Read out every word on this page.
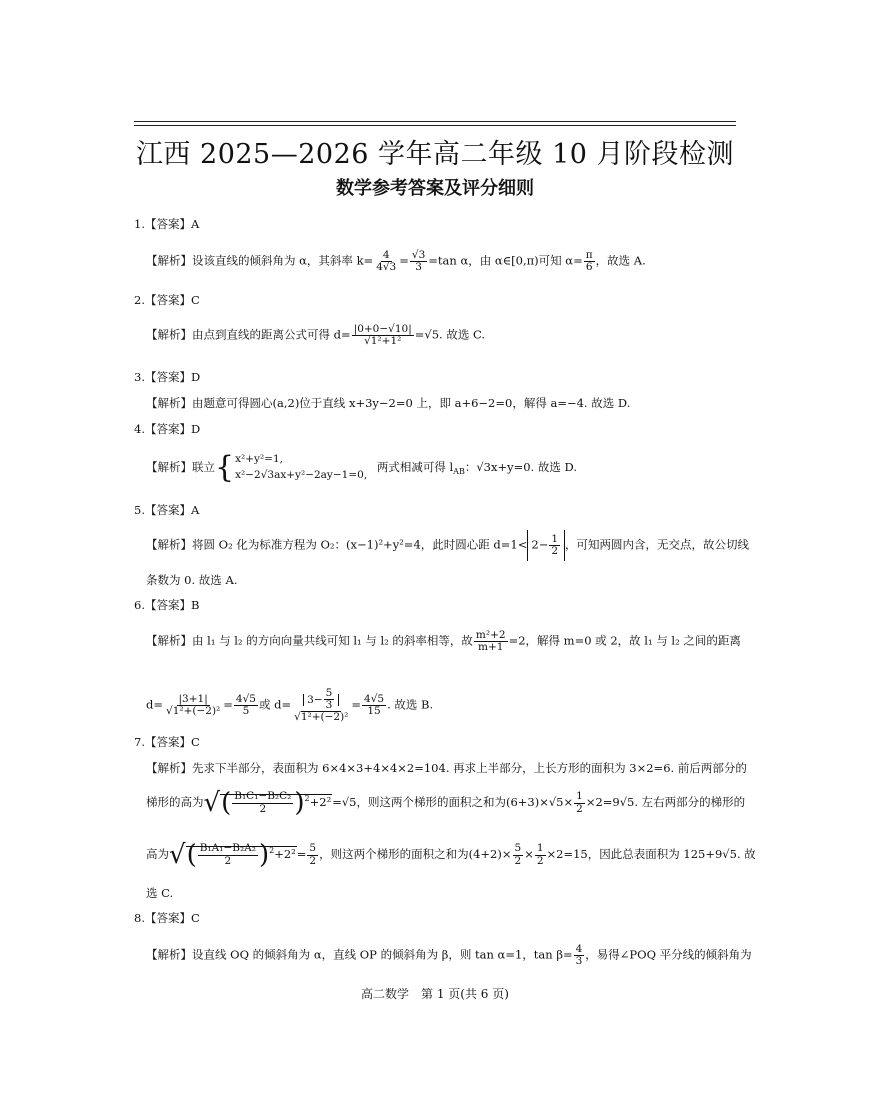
江西 2025—2026 学年高二年级 10 月阶段检测
数学参考答案及评分细则
1.【答案】A
【解析】设该直线的倾斜角为 α，其斜率 $k= \frac{4}{4√3} = \frac{√3}{3} =\tan$ α，由 α∈[0,π)可知 $\alpha= \frac{\pi}{6}$ ，故选 A.
2.【答案】C
【解析】由点到直线的距离公式可得 $d= \frac{|0+0-√10|}{\text{√1²+1²}} =√5$. 故选 C.
3.【答案】D
【解析】由题意可得圆心(a,2)位于直线 x+3y−2=0 上，即 a+6−2=0，解得 a=−4. 故选 D.
4.【答案】D
【解析】联立{ x²+y²=1,
x²−2√3ax+y²−2ay−1=0,
两式相减可得 $l_{AB}$：√3x+y=0. 故选 D.
5.【答案】A
【解析】将圆 O₂ 化为标准方程为 O₂：(x−1)²+y²=4，此时圆心距 $d=1< 2- \frac{1}{2}$ ，可知两圆内含，无交点，故公切线
条数为 0. 故选 A.
6.【答案】B
【解析】由 l₁ 与 l₂ 的方向向量共线可知 l₁ 与 l₂ 的斜率相等，故 $\frac{\text{m²+2}}{m+1} =2$，解得 m=0 或 2，故 l₁ 与 l₂ 之间的距离
$d= \frac{|3+1|}{\text{√1²+(−2)²}} = \frac{4√5}{5}$ 或 $d= \frac{3- \frac{5}{3}}{\text{√1²+(−2)²}} = \frac{4√5}{15}$ . 故选 B.
7.【答案】C
【解析】先求下半部分，表面积为 6×4×3+4×4×2=104. 再求上半部分，上长方形的面积为 3×2=6. 前后两部分的
梯形的高为√( $\frac{\text{B₁C₁−B₂C₂}}{2} )^2+2^2=√5$，则这两个梯形的面积之和为$(6+3)\times√5\times \frac{1}{2} \times 2=9√5$. 左右两部分的梯形的
高为√( $\frac{\text{B₁A₁−B₂A₂}}{2} )^2+2^2= \frac{5}{2}$ ，则这两个梯形的面积之和为$(4+2)\times \frac{5}{2} \times \frac{1}{2} \times 2=15$，因此总表面积为 125+9√5. 故
选 C.
8.【答案】C
【解析】设直线 OQ 的倾斜角为 α，直线 OP 的倾斜角为 β，则 tan α=1，$\tan \beta= \frac{4}{3}$ ，易得∠POQ 平分线的倾斜角为
高二数学　第 1 页(共 6 页)
